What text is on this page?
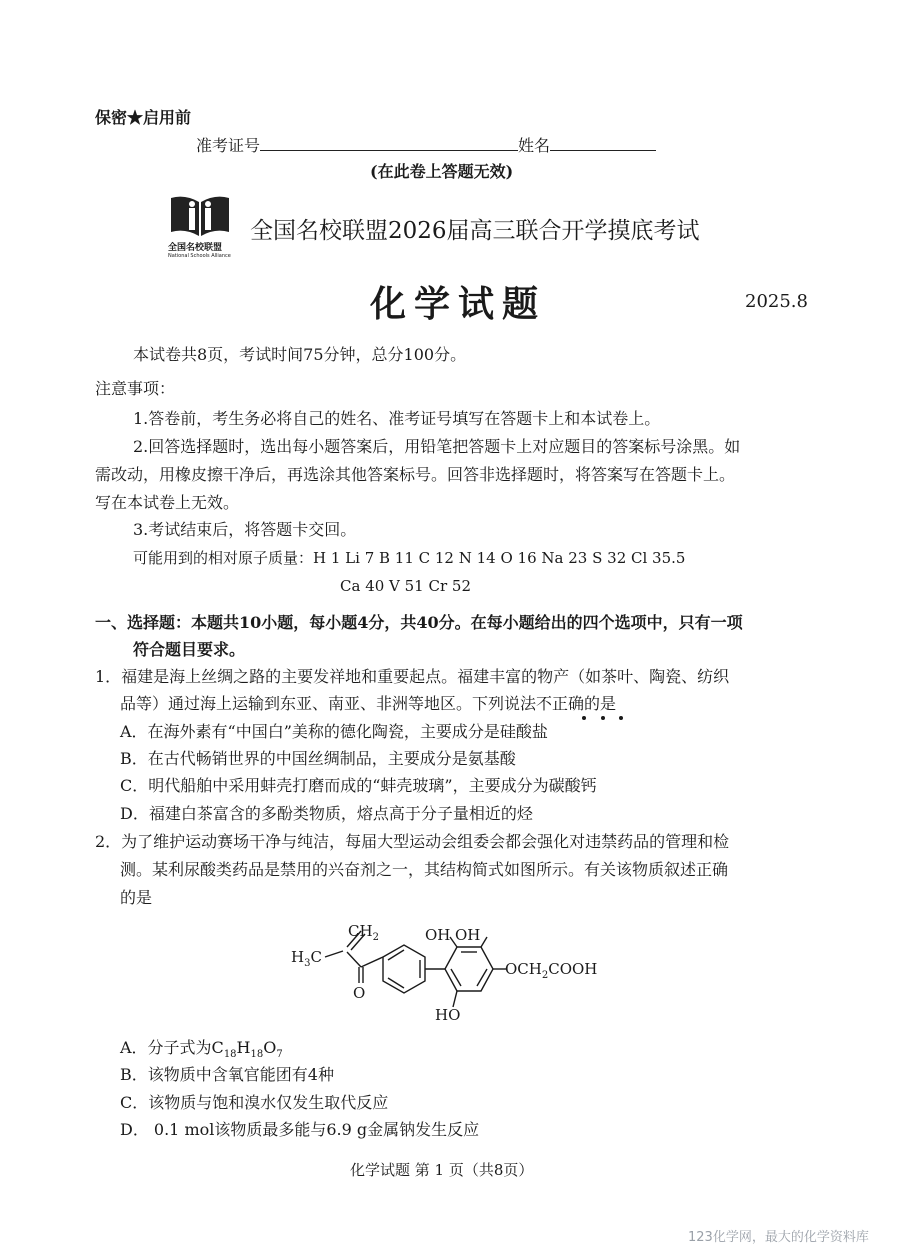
保密★启用前
准考证号	姓名
(在此卷上答题无效)
全国名校联盟
National Schools Alliance
全国名校联盟2026届高三联合开学摸底考试
化学试题	2025.8
本试卷共8页，考试时间75分钟，总分100分。
注意事项：
1.答卷前，考生务必将自己的姓名、准考证号填写在答题卡上和本试卷上。
2.回答选择题时，选出每小题答案后，用铅笔把答题卡上对应题目的答案标号涂黑。如
需改动，用橡皮擦干净后，再选涂其他答案标号。回答非选择题时，将答案写在答题卡上。
写在本试卷上无效。
3.考试结束后，将答题卡交回。
可能用到的相对原子质量：H 1 Li 7 B 11 C 12 N 14 O 16 Na 23 S 32 Cl 35.5
Ca 40 V 51 Cr 52
一、选择题：本题共10小题，每小题4分，共40分。在每小题给出的四个选项中，只有一项
符合题目要求。
1．福建是海上丝绸之路的主要发祥地和重要起点。福建丰富的物产（如茶叶、陶瓷、纺织
品等）通过海上运输到东亚、南亚、非洲等地区。下列说法不正确的是
A．在海外素有“中国白”美称的德化陶瓷，主要成分是硅酸盐
B．在古代畅销世界的中国丝绸制品，主要成分是氨基酸
C．明代船舶中采用蚌壳打磨而成的“蚌壳玻璃”，主要成分为碳酸钙
D．福建白茶富含的多酚类物质，熔点高于分子量相近的烃
2．为了维护运动赛场干净与纯洁，每届大型运动会组委会都会强化对违禁药品的管理和检
测。某利尿酸类药品是禁用的兴奋剂之一，其结构简式如图所示。有关该物质叙述正确
的是
$CH_2$
$H_3C$
O
OH OH
HO
$OCH_2COOH$
A．分子式为$C_{18}H_{18}O_7$
B．该物质中含氧官能团有4种
C．该物质与饱和溴水仅发生取代反应
D． 0.1 mol该物质最多能与6.9 g金属钠发生反应
化学试题 第 1 页（共8页）
123化学网，最大的化学资料库
